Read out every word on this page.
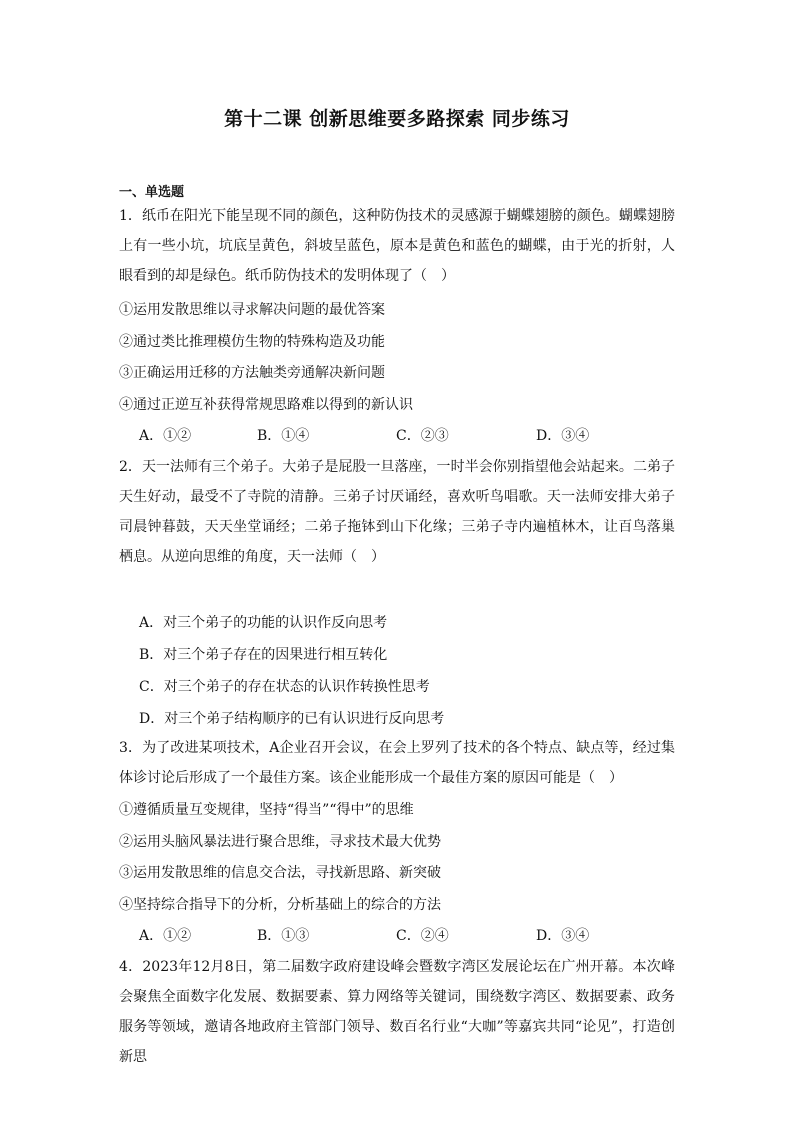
第十二课 创新思维要多路探索 同步练习
一、单选题
1．纸币在阳光下能呈现不同的颜色，这种防伪技术的灵感源于蝴蝶翅膀的颜色。蝴蝶翅膀上有一些小坑，坑底呈黄色，斜坡呈蓝色，原本是黄色和蓝色的蝴蝶，由于光的折射，人眼看到的却是绿色。纸币防伪技术的发明体现了（　）
①运用发散思维以寻求解决问题的最优答案
②通过类比推理模仿生物的特殊构造及功能
③正确运用迁移的方法触类旁通解决新问题
④通过正逆互补获得常规思路难以得到的新认识
A．①②	B．①④	C．②③	D．③④
2．天一法师有三个弟子。大弟子是屁股一旦落座，一时半会你别指望他会站起来。二弟子天生好动，最受不了寺院的清静。三弟子讨厌诵经，喜欢听鸟唱歌。天一法师安排大弟子司晨钟暮鼓，天天坐堂诵经；二弟子拖钵到山下化缘；三弟子寺内遍植林木，让百鸟落巢栖息。从逆向思维的角度，天一法师（　）
A．对三个弟子的功能的认识作反向思考
B．对三个弟子存在的因果进行相互转化
C．对三个弟子的存在状态的认识作转换性思考
D．对三个弟子结构顺序的已有认识进行反向思考
3．为了改进某项技术，A企业召开会议，在会上罗列了技术的各个特点、缺点等，经过集体诊讨论后形成了一个最佳方案。该企业能形成一个最佳方案的原因可能是（　）
①遵循质量互变规律，坚持“得当”“得中”的思维
②运用头脑风暴法进行聚合思维，寻求技术最大优势
③运用发散思维的信息交合法，寻找新思路、新突破
④坚持综合指导下的分析，分析基础上的综合的方法
A．①②	B．①③	C．②④	D．③④
4．2023年12月8日，第二届数字政府建设峰会暨数字湾区发展论坛在广州开幕。本次峰会聚焦全面数字化发展、数据要素、算力网络等关键词，围绕数字湾区、数据要素、政务服务等领域，邀请各地政府主管部门领导、数百名行业“大咖”等嘉宾共同“论见”，打造创新思
